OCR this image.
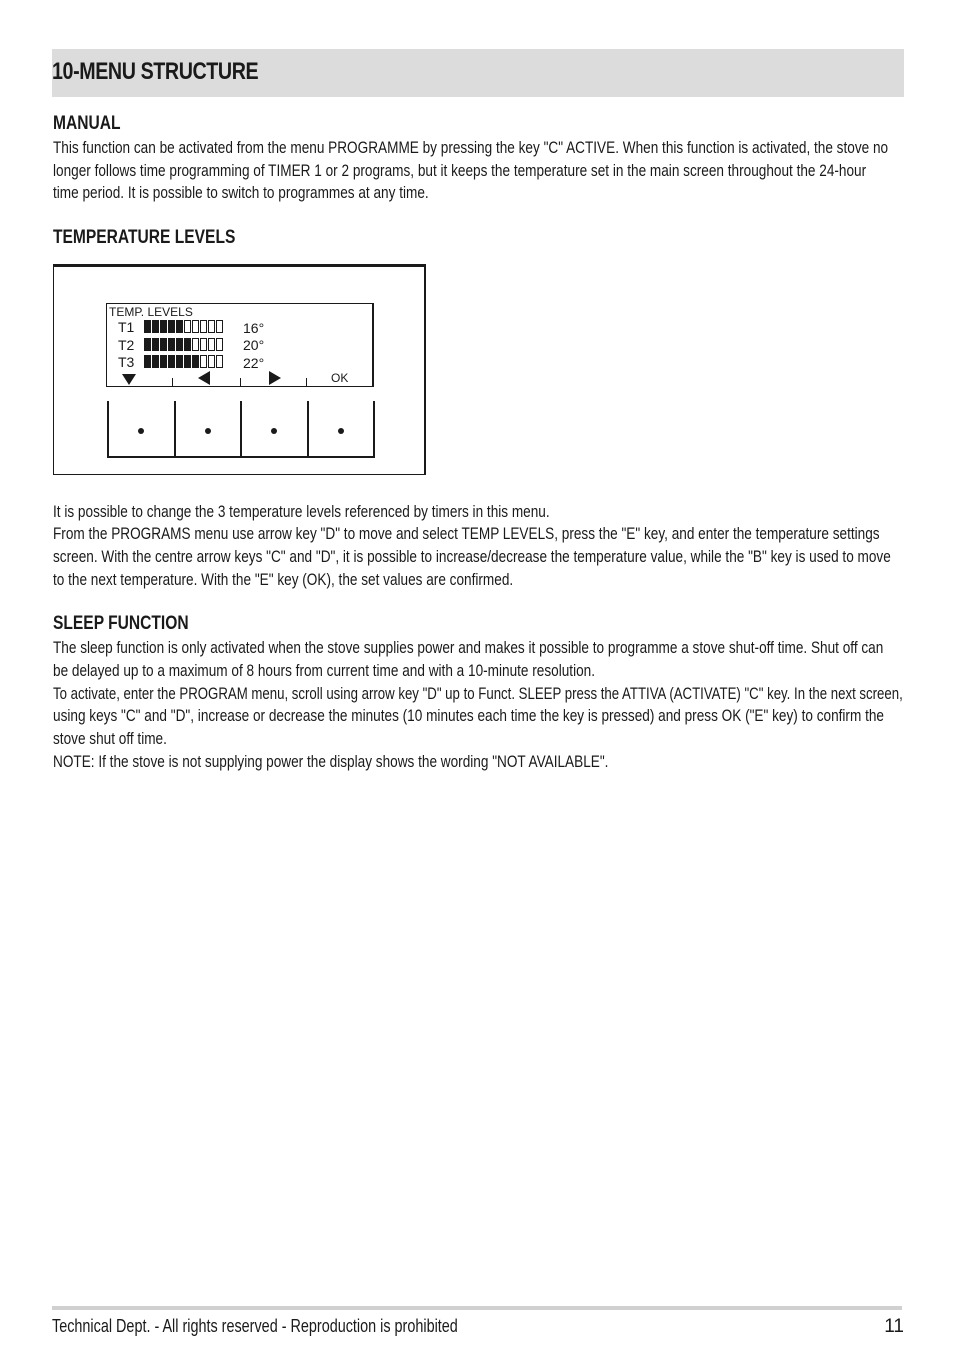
10-MENU STRUCTURE
MANUAL
This function can be activated from the menu PROGRAMME by pressing the key "C" ACTIVE. When this function is activated, the stove no
longer follows time programming of TIMER 1 or 2 programs, but it keeps the temperature set in the main screen throughout the 24-hour
time period. It is possible to switch to programmes at any time.
TEMPERATURE LEVELS
TEMP. LEVELS
T1	16°
T2	20°
T3	22°
OK
It is possible to change the 3 temperature levels referenced by timers in this menu.
From the PROGRAMS menu use arrow key "D" to move and select TEMP LEVELS, press the "E" key, and enter the temperature settings
screen. With the centre arrow keys "C" and "D", it is possible to increase/decrease the temperature value, while the "B" key is used to move
to the next temperature. With the "E" key (OK), the set values are confirmed.
SLEEP FUNCTION
The sleep function is only activated when the stove supplies power and makes it possible to programme a stove shut-off time. Shut off can
be delayed up to a maximum of 8 hours from current time and with a 10-minute resolution.
To activate, enter the PROGRAM menu, scroll using arrow key "D" up to Funct. SLEEP press the ATTIVA (ACTIVATE) "C" key. In the next screen,
using keys "C" and "D", increase or decrease the minutes (10 minutes each time the key is pressed) and press OK ("E" key) to confirm the
stove shut off time.
NOTE: If the stove is not supplying power the display shows the wording "NOT AVAILABLE".
Technical Dept. - All rights reserved - Reproduction is prohibited	11
